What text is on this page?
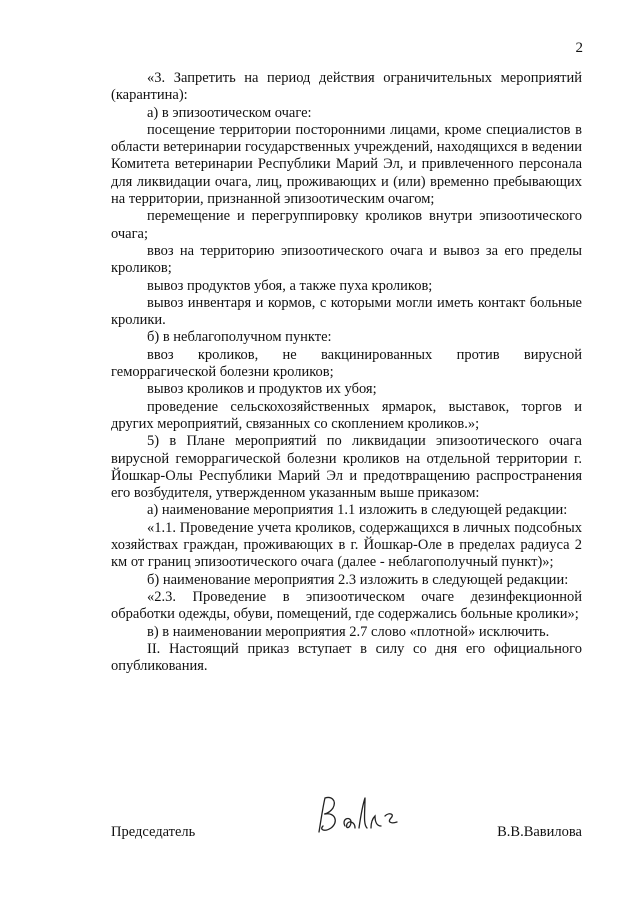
2

«3. Запретить на период действия ограничительных мероприятий (карантина):

а) в эпизоотическом очаге:

посещение территории посторонними лицами, кроме специалистов в области ветеринарии государственных учреждений, находящихся в ведении Комитета ветеринарии Республики Марий Эл, и привлеченного персонала для ликвидации очага, лиц, проживающих и (или) временно пребывающих на территории, признанной эпизоотическим очагом;

перемещение и перегруппировку кроликов внутри эпизоотического очага;

ввоз на территорию эпизоотического очага и вывоз за его пределы кроликов;

вывоз продуктов убоя, а также пуха кроликов;

вывоз инвентаря и кормов, с которыми могли иметь контакт больные кролики.

б) в неблагополучном пункте:

ввоз кроликов, не вакцинированных против вирусной геморрагической болезни кроликов;

вывоз кроликов и продуктов их убоя;

проведение сельскохозяйственных ярмарок, выставок, торгов и других мероприятий, связанных со скоплением кроликов.»;

5) в Плане мероприятий по ликвидации эпизоотического очага вирусной геморрагической болезни кроликов на отдельной территории г. Йошкар-Олы Республики Марий Эл и предотвращению распространения его возбудителя, утвержденном указанным выше приказом:

а) наименование мероприятия 1.1 изложить в следующей редакции:

«1.1. Проведение учета кроликов, содержащихся в личных подсобных хозяйствах граждан, проживающих в г. Йошкар-Оле в пределах радиуса 2 км от границ эпизоотического очага (далее - неблагополучный пункт)»;

б) наименование мероприятия 2.3 изложить в следующей редакции:

«2.3. Проведение в эпизоотическом очаге дезинфекционной обработки одежды, обуви, помещений, где содержались больные кролики»;

в) в наименовании мероприятия 2.7 слово «плотной» исключить.

II. Настоящий приказ вступает в силу со дня его официального опубликования.

Председатель	В.В.Вавилова
